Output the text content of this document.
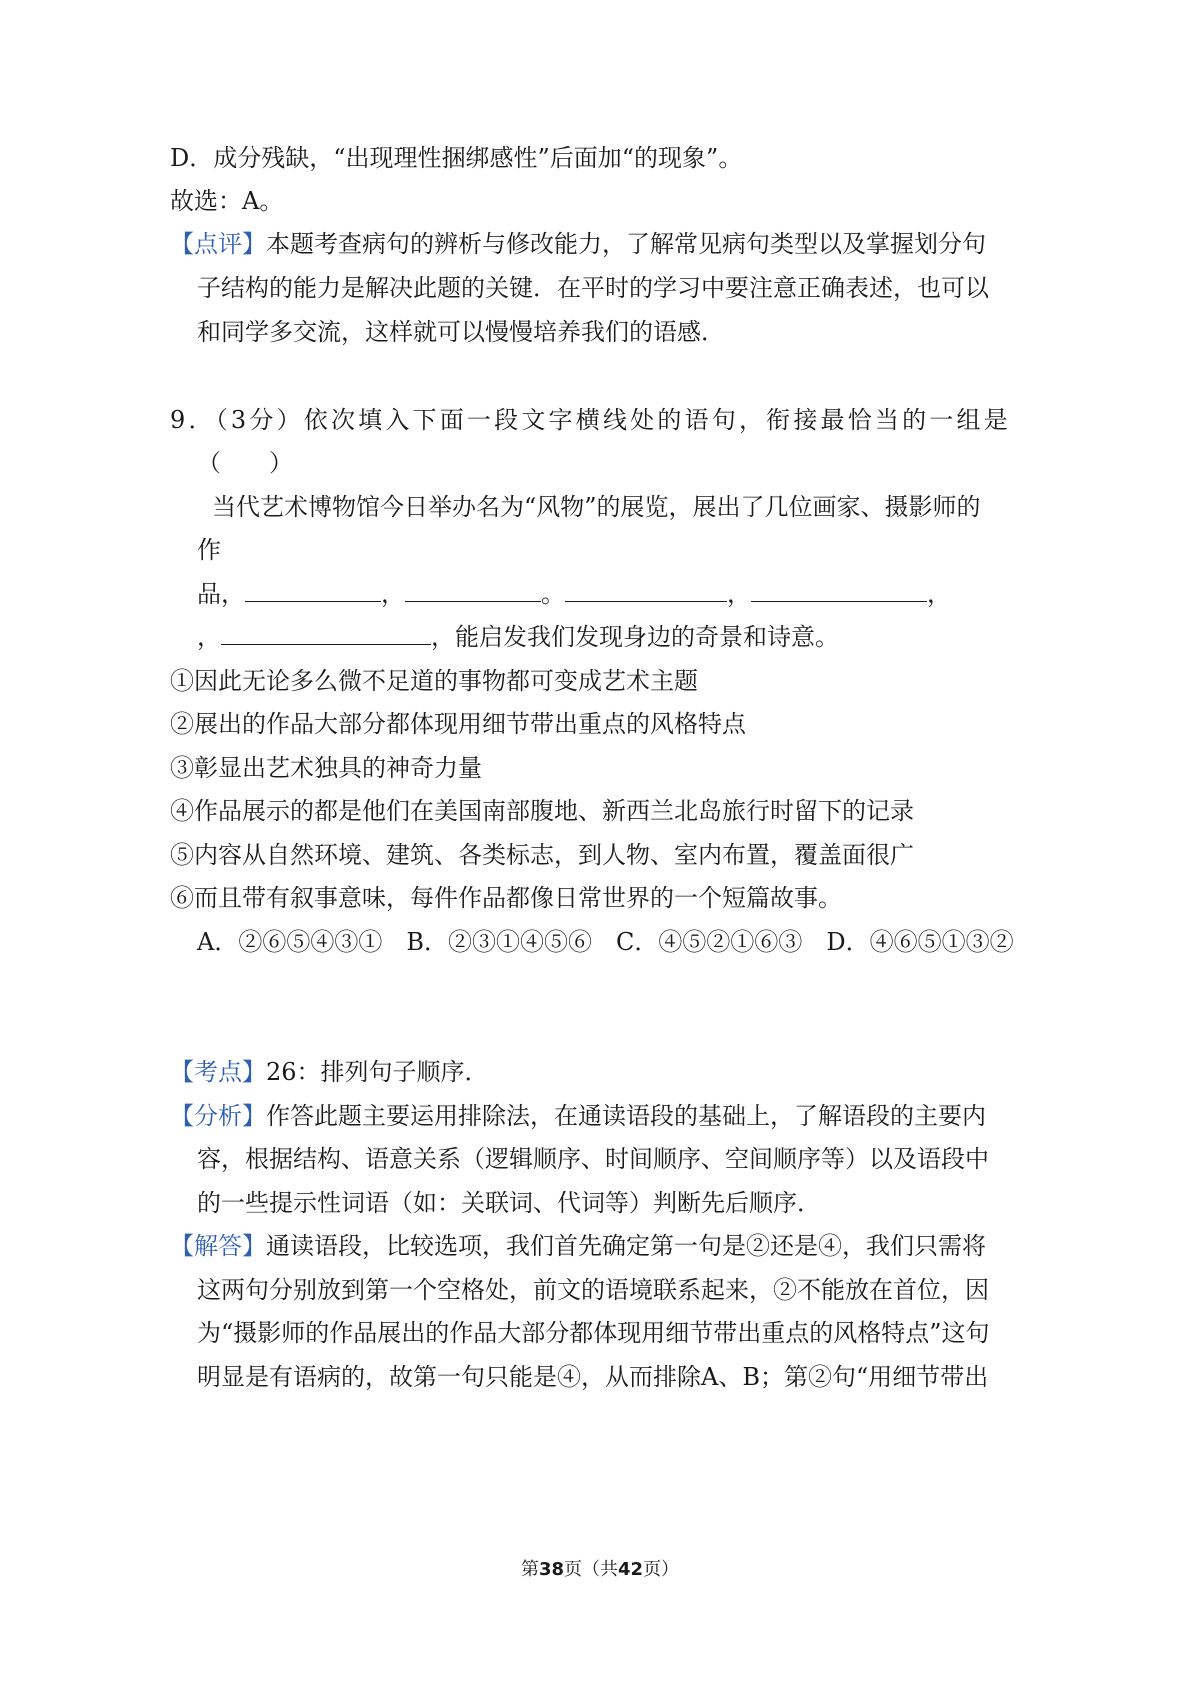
D．成分残缺，“出现理性捆绑感性”后面加“的现象”。
故选：A。
【点评】本题考查病句的辨析与修改能力，了解常见病句类型以及掌握划分句
子结构的能力是解决此题的关键．在平时的学习中要注意正确表述，也可以
和同学多交流，这样就可以慢慢培养我们的语感．
9．（3分）依次填入下面一段文字横线处的语句，衔接最恰当的一组是
（　　）
当代艺术博物馆今日举办名为“风物”的展览，展出了几位画家、摄影师的
作
品，	，	。	，	，
，	，能启发我们发现身边的奇景和诗意。
①因此无论多么微不足道的事物都可变成艺术主题
②展出的作品大部分都体现用细节带出重点的风格特点
③彰显出艺术独具的神奇力量
④作品展示的都是他们在美国南部腹地、新西兰北岛旅行时留下的记录
⑤内容从自然环境、建筑、各类标志，到人物、室内布置，覆盖面很广
⑥而且带有叙事意味，每件作品都像日常世界的一个短篇故事。
A．②⑥⑤④③① B．②③①④⑤⑥ C．④⑤②①⑥③ D．④⑥⑤①③②
【考点】26：排列句子顺序．
【分析】作答此题主要运用排除法，在通读语段的基础上，了解语段的主要内
容，根据结构、语意关系（逻辑顺序、时间顺序、空间顺序等）以及语段中
的一些提示性词语（如：关联词、代词等）判断先后顺序．
【解答】通读语段，比较选项，我们首先确定第一句是②还是④，我们只需将
这两句分别放到第一个空格处，前文的语境联系起来，②不能放在首位，因
为“摄影师的作品展出的作品大部分都体现用细节带出重点的风格特点”这句
明显是有语病的，故第一句只能是④，从而排除A、B；第②句“用细节带出
第38页（共42页）
